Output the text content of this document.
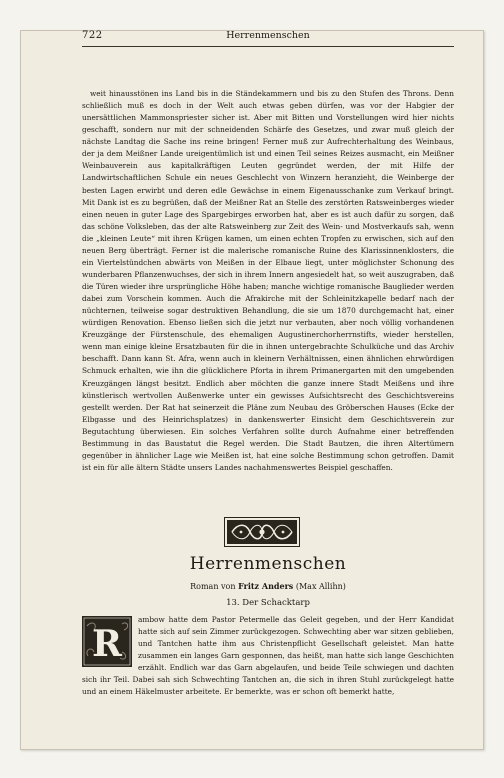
722	Herrenmenschen

weit hinausstönen ins Land bis in die Ständekammern und bis zu den Stufen des Throns. Denn schließlich muß es doch in der Welt auch etwas geben dürfen, was vor der Habgier der unersättlichen Mammonspriester sicher ist. Aber mit Bitten und Vorstellungen wird hier nichts geschafft, sondern nur mit der schneidenden Schärfe des Gesetzes, und zwar muß gleich der nächste Landtag die Sache ins reine bringen! Ferner muß zur Aufrechterhaltung des Weinbaus, der ja dem Meißner Lande ureigentümlich ist und einen Teil seines Reizes ausmacht, ein Meißner Weinbauverein aus kapitalkräftigen Leuten gegründet werden, der mit Hilfe der Landwirtschaftlichen Schule ein neues Geschlecht von Winzern heranzieht, die Weinberge der besten Lagen erwirbt und deren edle Gewächse in einem Eigenausschanke zum Verkauf bringt. Mit Dank ist es zu begrüßen, daß der Meißner Rat an Stelle des zerstörten Ratsweinberges wieder einen neuen in guter Lage des Spargebirges erworben hat, aber es ist auch dafür zu sorgen, daß das schöne Volksleben, das der alte Ratsweinberg zur Zeit des Wein- und Mostverkaufs sah, wenn die „kleinen Leute“ mit ihren Krügen kamen, um einen echten Tropfen zu erwischen, sich auf den neuen Berg überträgt. Ferner ist die malerische romanische Ruine des Klarissinnenklosters, die ein Viertelstündchen abwärts von Meißen in der Elbaue liegt, unter möglichster Schonung des wunderbaren Pflanzenwuchses, der sich in ihrem Innern angesiedelt hat, so weit auszugraben, daß die Türen wieder ihre ursprüngliche Höhe haben; manche wichtige romanische Bauglieder werden dabei zum Vorschein kommen. Auch die Afrakirche mit der Schleinitzkapelle bedarf nach der nüchternen, teilweise sogar destruktiven Behandlung, die sie um 1870 durchgemacht hat, einer würdigen Renovation. Ebenso ließen sich die jetzt nur verbauten, aber noch völlig vorhandenen Kreuzgänge der Fürstenschule, des ehemaligen Augustinerchorherrnstifts, wieder herstellen, wenn man einige kleine Ersatzbauten für die in ihnen untergebrachte Schulküche und das Archiv beschafft. Dann kann St. Afra, wenn auch in kleinern Verhältnissen, einen ähnlichen ehrwürdigen Schmuck erhalten, wie ihn die glücklichere Pforta in ihrem Primanergarten mit den umgebenden Kreuzgängen längst besitzt. Endlich aber möchten die ganze innere Stadt Meißens und ihre künstlerisch wertvollen Außenwerke unter ein gewisses Aufsichtsrecht des Geschichtsvereins gestellt werden. Der Rat hat seinerzeit die Pläne zum Neubau des Gröberschen Hauses (Ecke der Elbgasse und des Heinrichsplatzes) in dankenswerter Einsicht dem Geschichtsverein zur Begutachtung überwiesen. Ein solches Verfahren sollte durch Aufnahme einer betreffenden Bestimmung in das Baustatut die Regel werden. Die Stadt Bautzen, die ihren Altertümern gegenüber in ähnlicher Lage wie Meißen ist, hat eine solche Bestimmung schon getroffen. Damit ist ein für alle ältern Städte unsers Landes nachahmenswertes Beispiel geschaffen.

Herrenmenschen
Roman von Fritz Anders (Max Allihn)
13. Der Schacktarp
R

ambow hatte dem Pastor Petermelle das Geleit gegeben, und der Herr Kandidat hatte sich auf sein Zimmer zurückgezogen. Schwechting aber war sitzen geblieben, und Tantchen hatte ihm aus Christenpflicht Gesellschaft geleistet. Man hatte zusammen ein langes Garn gesponnen, das heißt, man hatte sich lange Geschichten erzählt. Endlich war das Garn abgelaufen, und beide Teile schwiegen und dachten sich ihr Teil. Dabei sah sich Schwechting Tantchen an, die sich in ihren Stuhl zurückgelegt hatte und an einem Häkelmuster arbeitete. Er bemerkte, was er schon oft bemerkt hatte,
